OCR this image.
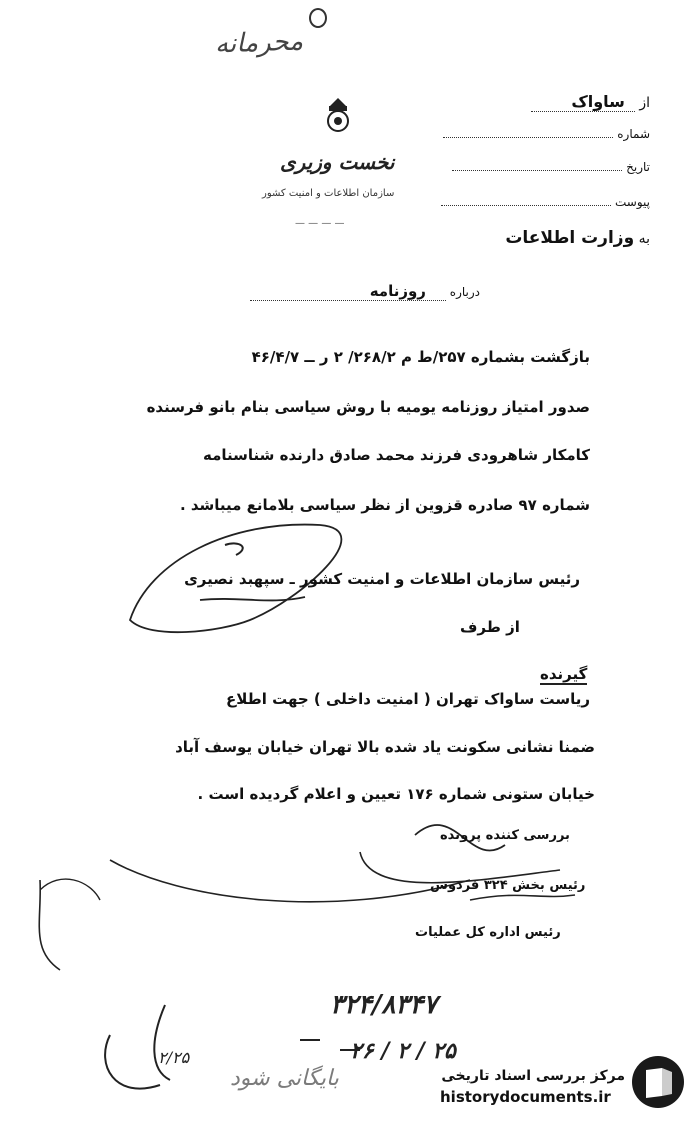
محرمانه
نخست وزیری
سازمان اطلاعات و امنیت کشور
— — — —
از ساواک
شماره
تاریخ
پیوست
به وزارت اطلاعات
درباره روزنامه
بازگشت بشماره ۲۵۷/ط م ۲۶۸/۲/ ۲ ر ــ ۴۶/۴/۷
صدور امتیاز روزنامه یومیه با روش سیاسی بنام بانو فرسنده
کامکار شاهرودی فرزند محمد صادق دارنده شناسنامه
شماره ۹۷ صادره قزوین از نظر سیاسی بلامانع میباشد .
رئیس سازمان اطلاعات و امنیت کشور ـ سپهبد نصیری
از طرف
گیرنده
ریاست ساواک تهران ( امنیت داخلی ) جهت اطلاع
ضمنا نشانی سکونت یاد شده بالا تهران خیابان یوسف آباد
خیابان ستونی شماره ۱۷۶ تعیین و اعلام گردیده است .
بررسی کننده پرونده
رئیس بخش ۳۲۴ فردوس
رئیس اداره کل عملیات
۳۲۴/۸۳۴۷
۲۵ / ۲ / ۲۶
۲/۲۵
بایگانی شود	مرکز بررسی اسناد تاریخی
historydocuments.ir
